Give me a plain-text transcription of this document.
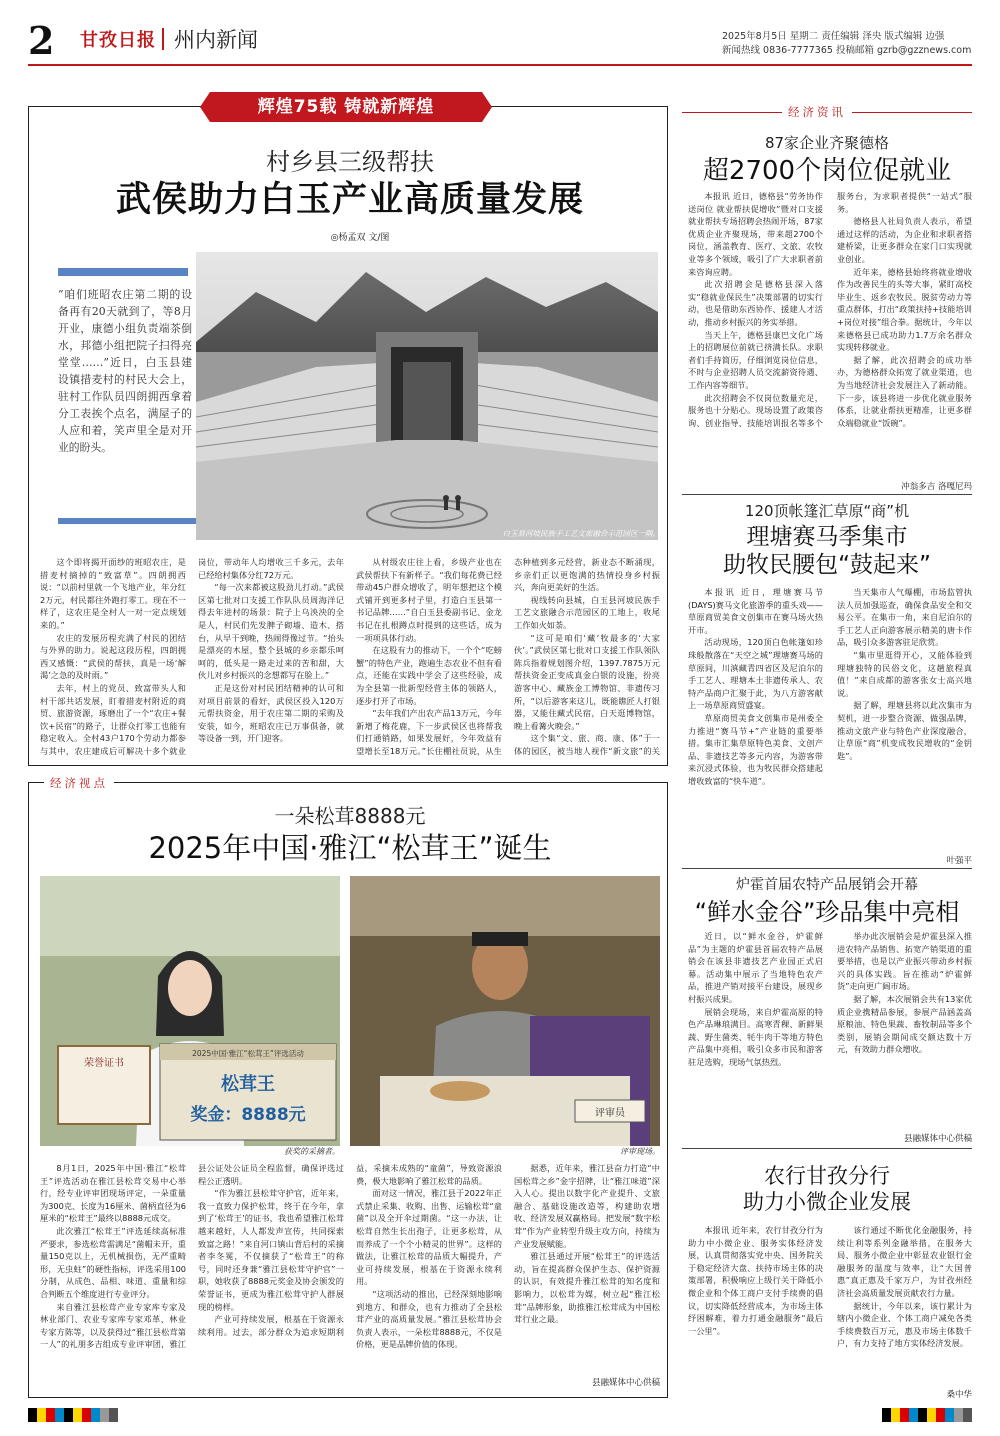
2 甘孜日报 州内新闻	2025年8月5日 星期二 责任编辑 泽央 版式编辑 边强
新闻热线 0836-7777365 投稿邮箱 gzrb@gzznews.com
辉煌75载 铸就新辉煌
村乡县三级帮扶
武侯助力白玉产业高质量发展
◎杨孟双 文/图
“咱们班昭农庄第二期的设备再有20天就到了，等8月开业，康德小组负责端茶倒水，邦德小组把院子扫得亮堂堂……”近日，白玉县建设镇措麦村的村民大会上，驻村工作队员四朗拥西拿着分工表挨个点名，满屋子的人应和着，笑声里全是对开业的盼头。
白玉县河坡民族手工艺文旅融合示范园区一隅。

这个即将揭开面纱的班昭农庄，是措麦村摘掉的“致富草”。四朗拥西说：“以前村里就一个飞地产业，年分红2万元，村民都往外跑打零工。现在不一样了，这农庄是全村人一对一定点规划来的。”

农庄的发展历程充满了村民的团结与外界的助力。说起这段历程，四朗拥西又感慨：“武侯的帮扶，真是一场‘解渴’之急的及时雨。”

去年，村上的党员、致富带头人和村干部共话发展，盯着措麦村附近的商贸、旅游资源，琢磨出了一个“农庄+餐饮+民宿”的路子，让群众打零工也能有稳定收入。全村43户170个劳动力都参与其中，农庄建成后可解决十多个就业岗位，带动年人均增收三千多元，去年已经给村集体分红72万元。

“每一次来都被这股劲儿打动。”武侯区第七批对口支援工作队队员周海洋记得去年进村的场景：院子上乌泱泱的全是人，村民们先发脾子砌墙、造木、搭台，从早干到晚，热闹得像过节。“抬头是漂亮的木屋，整个县城的乡亲都乐呵呵的，低头是一路走过来的苦和甜，大伙儿对乡村振兴的念想都写在脸上。”

正是这份对村民团结精神的认可和对项目前景的看好，武侯区投入120万元帮扶资金，用于农庄第二期的采购及安装，如今，班昭农庄已万事俱备，就等设备一到，开门迎客。

从村级农庄往上看，乡级产业也在武侯帮扶下有新样子。“我们每花费已经带动45户群众增收了，明年想把这个模式铺开到更多村子里，打造白玉县第一书记品牌……”自白玉县委副书记、金龙书记在扎根蹲点时提到的这些话，成为一项项具体行动。

在这股有力的推动下，一个个“吃螃蟹”的特色产业，跑遍生态农业不但有看点，还能在实践中学会了这些经验，成为全县第一批新型经营主体的领路人，逐步打开了市场。

“去年我们产出农产品13万元，今年新增了梅花鹿，下一步武侯区也将帮我们打通销路，如果发展好，今年效益有望增长至18万元。”长住棚社员说，从生态种植到多元经营，新业态不断涌现，乡亲们正以更饱满的热情投身乡村振兴，奔向更美好的生活。

视线转向县城，白玉县河坡民族手工艺文旅融合示范园区的工地上，收尾工作如火如荼。

“这可是咱们‘藏’牧最多的‘大家伙’。”武侯区第七批对口支援工作队领队陈兵指着规划图介绍，1397.7875万元帮扶资金正变成真金白银的设施，扮亮游客中心、藏族金工博物馆、非遗传习所，“以后游客来这儿，既能瞧匠人打银器，又能住藏式民宿，白天逛博物馆，晚上看篝火晚会。”

这个集“文、旅、商、康、体”于一体的园区，被当地人视作“新文旅”的关

经济资讯
87家企业齐聚德格
超2700个岗位促就业

本报讯 近日，德格县“劳务协作送岗位 就业帮扶促增收”暨对口支援就业帮扶专场招聘会热闹开场，87家优质企业齐聚现场，带来超2700个岗位，涵盖教育、医疗、文旅、农牧业等多个领域，吸引了广大求职者前来咨询应聘。

此次招聘会是德格县深入落实“稳就业保民生”决策部署的切实行动，也是借助东西协作、援建人才活动，推动乡村振兴的务实举措。

当天上午，德格县康巴文化广场上的招聘展位前就已挤满长队。求职者们手持简历，仔细浏览岗位信息，不时与企业招聘人员交流薪资待遇、工作内容等细节。

此次招聘会不仅岗位数量充足，服务也十分贴心。现场设置了政策咨询、创业指导、技能培训报名等多个服务台，为求职者提供“一站式”服务。

德格县人社局负责人表示，希望通过这样的活动，为企业和求职者搭建桥梁，让更多群众在家门口实现就业创业。

近年来，德格县始终将就业增收作为改善民生的头等大事，紧盯高校毕业生、返乡农牧民、脱贫劳动力等重点群体，打出“政策扶持+技能培训+岗位对接”组合拳。据统计，今年以来德格县已成功助力1.7万余名群众实现转移就业。

据了解，此次招聘会的成功举办，为德格群众拓宽了就业渠道，也为当地经济社会发展注入了新动能。下一步，该县将进一步优化就业服务体系，让就业帮扶更精准，让更多群众端稳就业“饭碗”。

冲翁多吉 洛嘎尼玛
120顶帐篷汇草原“商”机
理塘赛马季集市
助牧民腰包“鼓起来”

本报讯 近日，理塘赛马节(DAYS)赛马文化旅游季的重头戏——草原商贸美食文创集市在赛马场火热开市。

活动现场，120顶白色帐篷如珍珠般散落在“天空之城”理塘赛马场的草原间，川滇藏青四省区及尼泊尔的手工艺人、理塘本土非遗传承人、农特产品商户汇聚于此，为八方游客献上一场草原商贸盛宴。

草原商贸美食文创集市是州委全力推进“赛马节+”产业链的重要举措。集市汇集草原特色美食、文创产品、非遗技艺等多元内容，为游客带来沉浸式体验，也为牧民群众搭建起增收致富的“快车道”。

当天集市人气爆棚，市场监管执法人员加强巡查，确保食品安全和交易公平。在集市一角，来自尼泊尔的手工艺人正向游客展示精美的唐卡作品，吸引众多游客驻足欣赏。

“集市里逛得开心，又能体验到理塘独特的民俗文化，这趟旅程真值！”来自成都的游客张女士高兴地说。

据了解，理塘县将以此次集市为契机，进一步整合资源、做强品牌，推动文旅产业与特色产业深度融合，让草原“商”机变成牧民增收的“金钥匙”。

叶强平
炉霍首届农特产品展销会开幕
“鲜水金谷”珍品集中亮相

近日，以“鲜水金谷，炉霍鲜品”为主题的炉霍县首届农特产品展销会在该县非遗技艺产业园正式启幕。活动集中展示了当地特色农产品，推进产销对接平台建设，展现乡村振兴成果。

展销会现场，来自炉霍高原的特色产品琳琅满目。高寒青稞、新鲜果蔬、野生菌类、牦牛肉干等地方特色产品集中亮相，吸引众多市民和游客驻足选购，现场气氛热烈。

举办此次展销会是炉霍县深入推进农特产品销售、拓宽产销渠道的重要举措，也是以产业振兴带动乡村振兴的具体实践。旨在推动“炉霍鲜货”走向更广阔市场。

据了解，本次展销会共有13家优质企业携精品参展，参展产品涵盖高原粮油、特色果蔬、畜牧制品等多个类别，展销会期间成交额达数十万元，有效助力群众增收。

县融媒体中心供稿
农行甘孜分行
助力小微企业发展

本报讯 近年来，农行甘孜分行为助力中小微企业、服务实体经济发展，认真贯彻落实党中央、国务院关于稳定经济大盘、扶持市场主体的决策部署，积极响应上级行关于降低小微企业和个体工商户支付手续费的倡议，切实降低经营成本，为市场主体纾困解难，着力打通金融服务“最后一公里”。

该行通过不断优化金融服务，持续让利等系列金融举措，在服务大局、服务小微企业中彰显农业银行金融服务的温度与效率，让“大国普惠”真正惠及千家万户，为甘孜州经济社会高质量发展贡献农行力量。

据统计，今年以来，该行累计为辖内小微企业、个体工商户减免各类手续费数百万元，惠及市场主体数千户，有力支持了地方实体经济发展。

桑中华
经济视点
一朵松茸8888元
2025年中国·雅江“松茸王”诞生
荣誉证书
2025中国·雅江“松茸王”评选活动
松茸王
奖金：8888元
获奖的采摘者。
评审员
评审现场。

8月1日，2025年中国·雅江“松茸王”评选活动在雅江县松茸交易中心举行，经专业评审团现场评定，一朵重量为300克、长度为16厘米、菌柄直径为6厘米的“松茸王”最终以8888元成交。

此次雅江“松茸王”评选延续高标准严要求，参选松茸需满足“菌帽未开，重量150克以上，无机械损伤，无严重畸形，无虫蛀”的硬性指标，评选采用100分制，从成色、品相、味道、重量和综合判断五个维度进行专业评分。

来自雅江县松茸产业专家库专家及林业部门、农业专家库专家邓革、林业专家方陈等，以及获得过“雅江县松茸第一人”的礼朋多吉组成专业评审团，雅江县公证处公证员全程监督，确保评选过程公正透明。

“作为雅江县松茸守护官，近年来，我一直致力保护松茸，终于在今年，拿到了‘松茸王’的证书，我也希望雅江松茸越来越好，人人都发声宣传，共同探索致富之路！”来自河口镇山背后村的采摘者李冬冕，不仅摘获了“松茸王”的称号，同时还身兼“雅江县松茸守护官”一职，她收获了8888元奖金及协会颁发的荣誉证书，更成为雅江松茸守护人群展现的榜样。

产业可持续发展，根基在于资源永续利用。过去，部分群众为追求短期利益，采摘未成熟的“童菌”，导致资源浪费，极大地影响了雅江松茸的品质。

面对这一情况，雅江县于2022年正式禁止采集、收购、出售、运输松茸“童菌”以及全开伞过期菌。“这一办法，让松茸自然生长出孢子，让更多松茸，从而养成了一个个小精灵的世界”。这样的做法，让雅江松茸的品质大幅提升，产业可持续发展，根基在于资源永续利用。

“这项活动的推出，已经深刻地影响到地方、和群众，也有力推动了全县松茸产业的高质量发展。”雅江县松茸协会负责人表示，一朵松茸8888元，不仅是价格，更是品牌价值的体现。

据悉，近年来，雅江县奋力打造“中国松茸之乡”金字招牌，让“雅江味道”深入人心。提出以数字化产业提升、文旅融合、基础设施改造等，构建助农增收、经济发展双赢格局。把发展“数字松茸”作为产业转型升级主攻方向，持续为产业发展赋能。

雅江县通过开展“松茸王”的评选活动，旨在提高群众保护生态、保护资源的认识，有效提升雅江松茸的知名度和影响力，以松茸为媒，树立起“雅江松茸”品牌形象，助推雅江松茸成为中国松茸行业之最。

县融媒体中心供稿
